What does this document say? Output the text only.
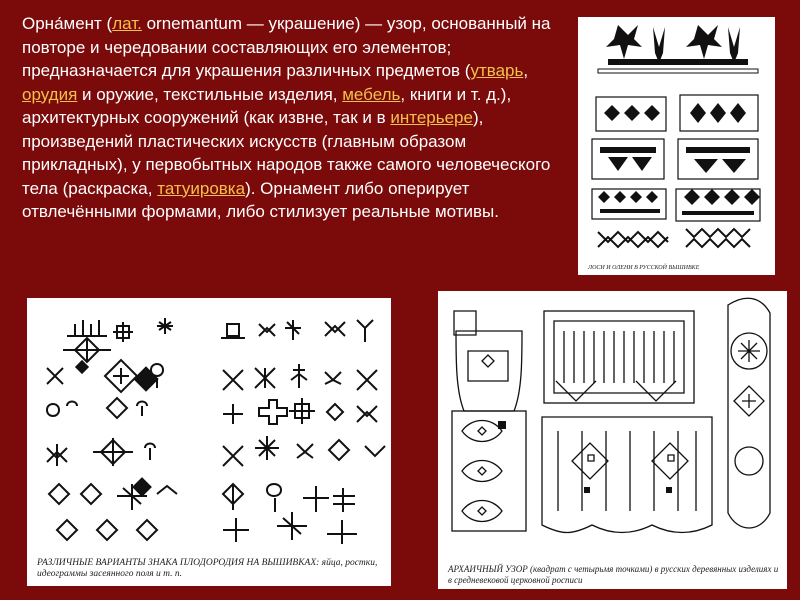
Орна́мент (лат. ornemantum — украшение) — узор, основанный на повторе и чередовании составляющих его элементов; предназначается для украшения различных предметов (утварь, орудия и оружие, текстильные изделия, мебель, книги и т. д.), архитектурных сооружений (как извне, так и в интерьере), произведений пластических искусств (главным образом прикладных), у первобытных народов также самого человеческого тела (раскраска, татуировка). Орнамент либо оперирует отвлечёнными формами, либо стилизует реальные мотивы.

ЛОСИ И ОЛЕНИ В РУССКОЙ ВЫШИВКЕ

РАЗЛИЧНЫЕ ВАРИАНТЫ ЗНАКА ПЛОДОРОДИЯ НА ВЫШИВКАХ: яйца, ростки, идеограммы засеянного поля и т. п.	АРХАИЧНЫЙ УЗОР (квадрат с четырьмя точками) в русских деревянных изделиях и в средневековой церковной росписи
